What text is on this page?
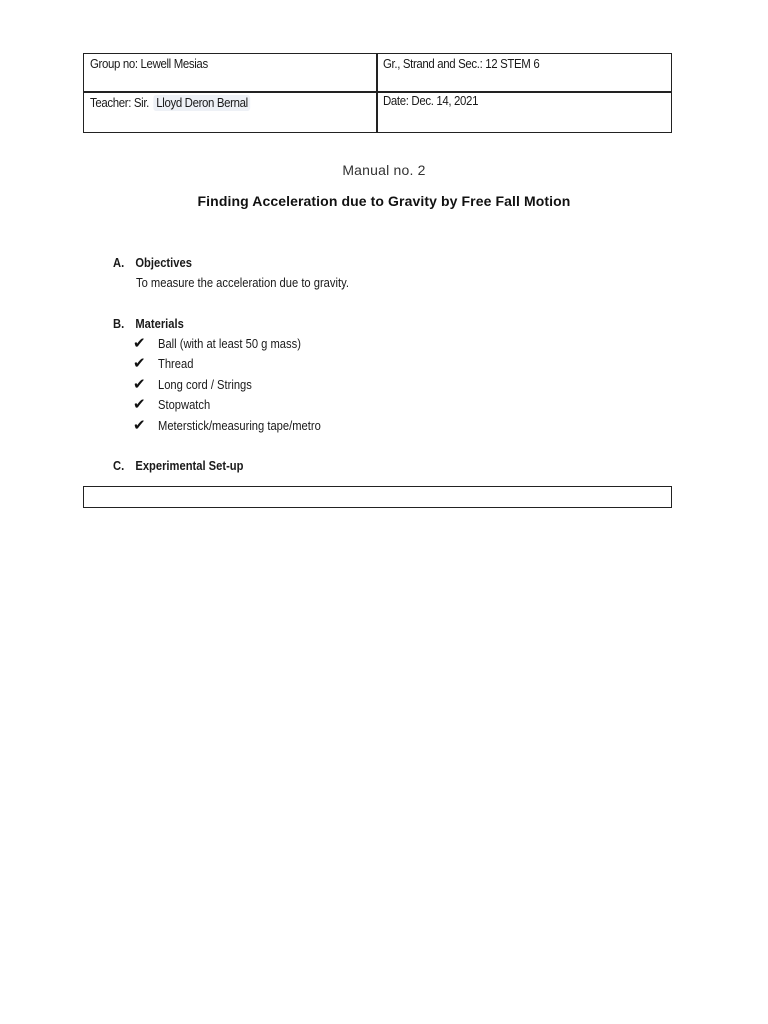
Group no: Lewell Mesias	Gr., Strand and Sec.: 12 STEM 6
Teacher: Sir. Lloyd Deron Bernal	Date: Dec. 14, 2021
Manual no. 2
Finding Acceleration due to Gravity by Free Fall Motion
A. Objectives
To measure the acceleration due to gravity.
B. Materials
✔ Ball (with at least 50 g mass)
✔ Thread
✔ Long cord / Strings
✔ Stopwatch
✔ Meterstick/measuring tape/metro
C. Experimental Set-up
